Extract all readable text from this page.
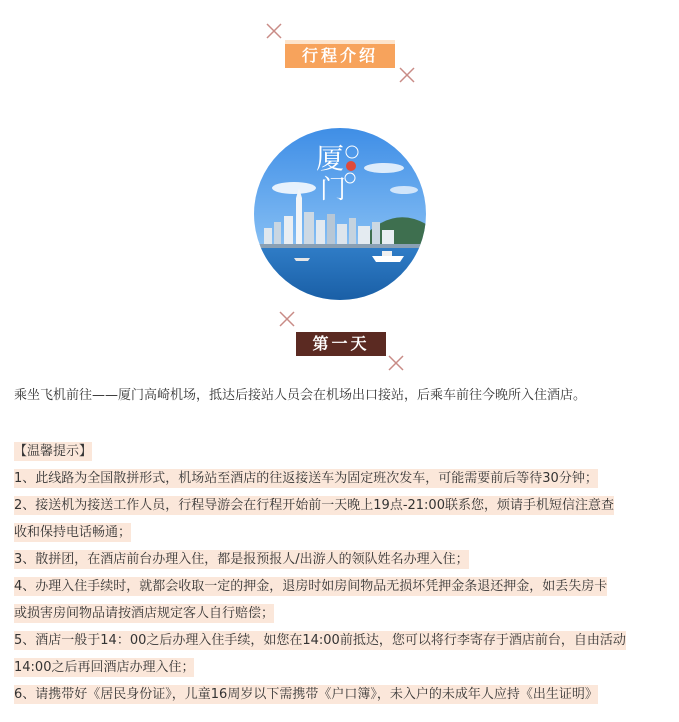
行程介绍
厦
门
第一天
乘坐飞机前往——厦门高崎机场，抵达后接站人员会在机场出口接站，后乘车前往今晚所入住酒店。
【温馨提示】
1、此线路为全国散拼形式，机场站至酒店的往返接送车为固定班次发车，可能需要前后等待30分钟；
2、接送机为接送工作人员，行程导游会在行程开始前一天晚上19点-21:00联系您，烦请手机短信注意查
收和保持电话畅通；
3、散拼团，在酒店前台办理入住，都是报预报人/出游人的领队姓名办理入住；
4、办理入住手续时，就都会收取一定的押金，退房时如房间物品无损坏凭押金条退还押金，如丢失房卡
或损害房间物品请按酒店规定客人自行赔偿；
5、酒店一般于14：00之后办理入住手续，如您在14:00前抵达，您可以将行李寄存于酒店前台，自由活动
14:00之后再回酒店办理入住；
6、请携带好《居民身份证》，儿童16周岁以下需携带《户口簿》，未入户的未成年人应持《出生证明》
